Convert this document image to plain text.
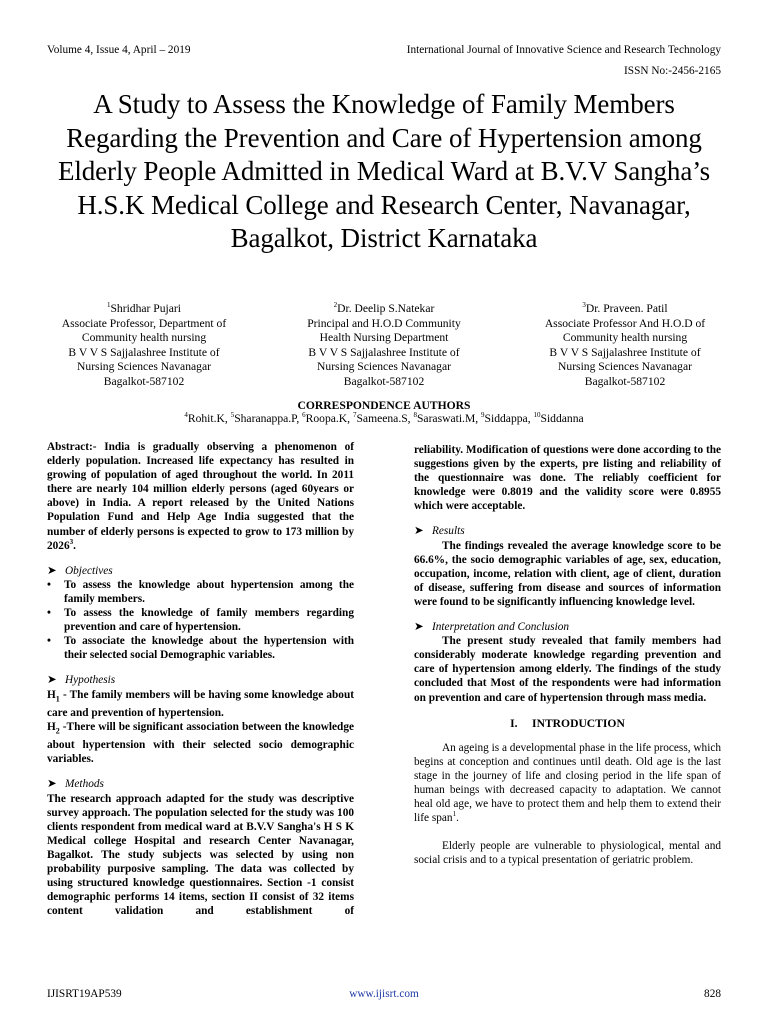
Volume 4, Issue 4, April – 2019	International Journal of Innovative Science and Research Technology
ISSN No:-2456-2165
A Study to Assess the Knowledge of Family Members Regarding the Prevention and Care of Hypertension among Elderly People Admitted in Medical Ward at B.V.V Sangha’s H.S.K Medical College and Research Center, Navanagar, Bagalkot, District Karnataka
$^1$Shridhar Pujari
Associate Professor, Department of
Community health nursing
B V V S Sajjalashree Institute of
Nursing Sciences Navanagar
Bagalkot-587102
$^2$Dr. Deelip S.Natekar
Principal and H.O.D Community
Health Nursing Department
B V V S Sajjalashree Institute of
Nursing Sciences Navanagar
Bagalkot-587102
$^3$Dr. Praveen. Patil
Associate Professor And H.O.D of
Community health nursing
B V V S Sajjalashree Institute of
Nursing Sciences Navanagar
Bagalkot-587102
CORRESPONDENCE AUTHORS
$^4$Rohit.K, $^5$Sharanappa.P, $^6$Roopa.K, $^7$Sameena.S, $^8$Saraswati.M, $^9$Siddappa, $^{10}$Siddanna

Abstract:- India is gradually observing a phenomenon of elderly population. Increased life expectancy has resulted in growing of population of aged throughout the world. In 2011 there are nearly 104 million elderly persons (aged 60years or above) in India. A report released by the United Nations Population Fund and Help Age India suggested that the number of elderly persons is expected to grow to 173 million by 2026$^3$.

➤ Objectives

• To assess the knowledge about hypertension among the family members.
• To assess the knowledge of family members regarding prevention and care of hypertension.
• To associate the knowledge about the hypertension with their selected social Demographic variables.

➤ Hypothesis

$H_1$ - The family members will be having some knowledge about care and prevention of hypertension.

$H_2$ -There will be significant association between the knowledge about hypertension with their selected socio demographic variables.

➤ Methods

The research approach adapted for the study was descriptive survey approach. The population selected for the study was 100 clients respondent from medical ward at B.V.V Sangha's H S K Medical college Hospital and research Center Navanagar, Bagalkot. The study subjects was selected by using non probability purposive sampling. The data was collected by using structured knowledge questionnaires. Section -1 consist demographic performs 14 items, section II consist of 32 items content validation and establishment of

reliability. Modification of questions were done according to the suggestions given by the experts, pre listing and reliability of the questionnaire was done. The reliably coefficient for knowledge were 0.8019 and the validity score were 0.8955 which were acceptable.

➤ Results

The findings revealed the average knowledge score to be 66.6%, the socio demographic variables of age, sex, education, occupation, income, relation with client, age of client, duration of disease, suffering from disease and sources of information were found to be significantly influencing knowledge level.

➤ Interpretation and Conclusion

The present study revealed that family members had considerably moderate knowledge regarding prevention and care of hypertension among elderly. The findings of the study concluded that Most of the respondents were had information on prevention and care of hypertension through mass media.

I.     INTRODUCTION

An ageing is a developmental phase in the life process, which begins at conception and continues until death. Old age is the last stage in the journey of life and closing period in the life span of human beings with decreased capacity to adaptation. We cannot heal old age, we have to protect them and help them to extend their life span$^1$.

Elderly people are vulnerable to physiological, mental and social crisis and to a typical presentation of geriatric problem.

IJISRT19AP539	www.ijisrt.com	828
